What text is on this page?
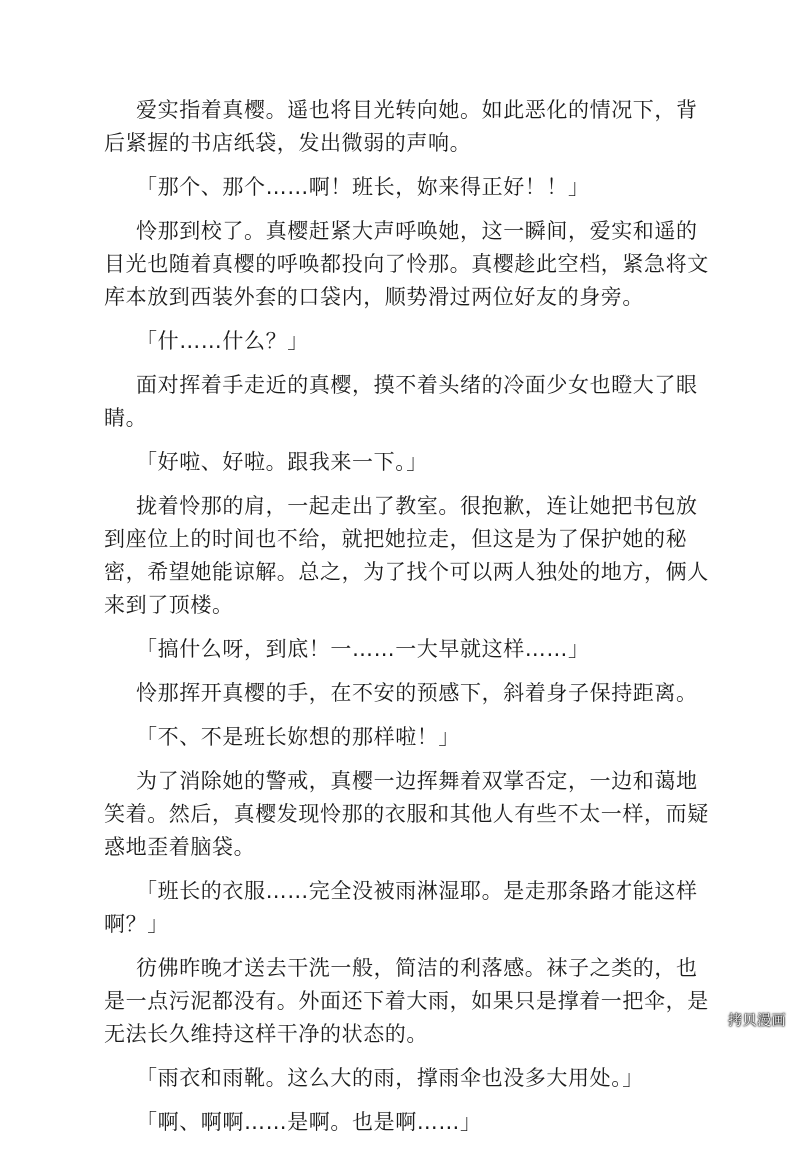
爱实指着真樱。遥也将目光转向她。如此恶化的情况下，背后紧握的书店纸袋，发出微弱的声响。

「那个、那个……啊！班长，妳来得正好！！」

怜那到校了。真樱赶紧大声呼唤她，这一瞬间，爱实和遥的目光也随着真樱的呼唤都投向了怜那。真樱趁此空档，紧急将文库本放到西装外套的口袋内，顺势滑过两位好友的身旁。

「什……什么？」

面对挥着手走近的真樱，摸不着头绪的冷面少女也瞪大了眼睛。

「好啦、好啦。跟我来一下。」

拢着怜那的肩，一起走出了教室。很抱歉，连让她把书包放到座位上的时间也不给，就把她拉走，但这是为了保护她的秘密，希望她能谅解。总之，为了找个可以两人独处的地方，俩人来到了顶楼。

「搞什么呀，到底！一……一大早就这样……」

怜那挥开真樱的手，在不安的预感下，斜着身子保持距离。

「不、不是班长妳想的那样啦！」

为了消除她的警戒，真樱一边挥舞着双掌否定，一边和蔼地笑着。然后，真樱发现怜那的衣服和其他人有些不太一样，而疑惑地歪着脑袋。

「班长的衣服……完全没被雨淋湿耶。是走那条路才能这样啊？」

彷佛昨晚才送去干洗一般，简洁的利落感。袜子之类的，也是一点污泥都没有。外面还下着大雨，如果只是撑着一把伞，是无法长久维持这样干净的状态的。

「雨衣和雨靴。这么大的雨，撑雨伞也没多大用处。」

「啊、啊啊……是啊。也是啊……」

拷贝漫画
